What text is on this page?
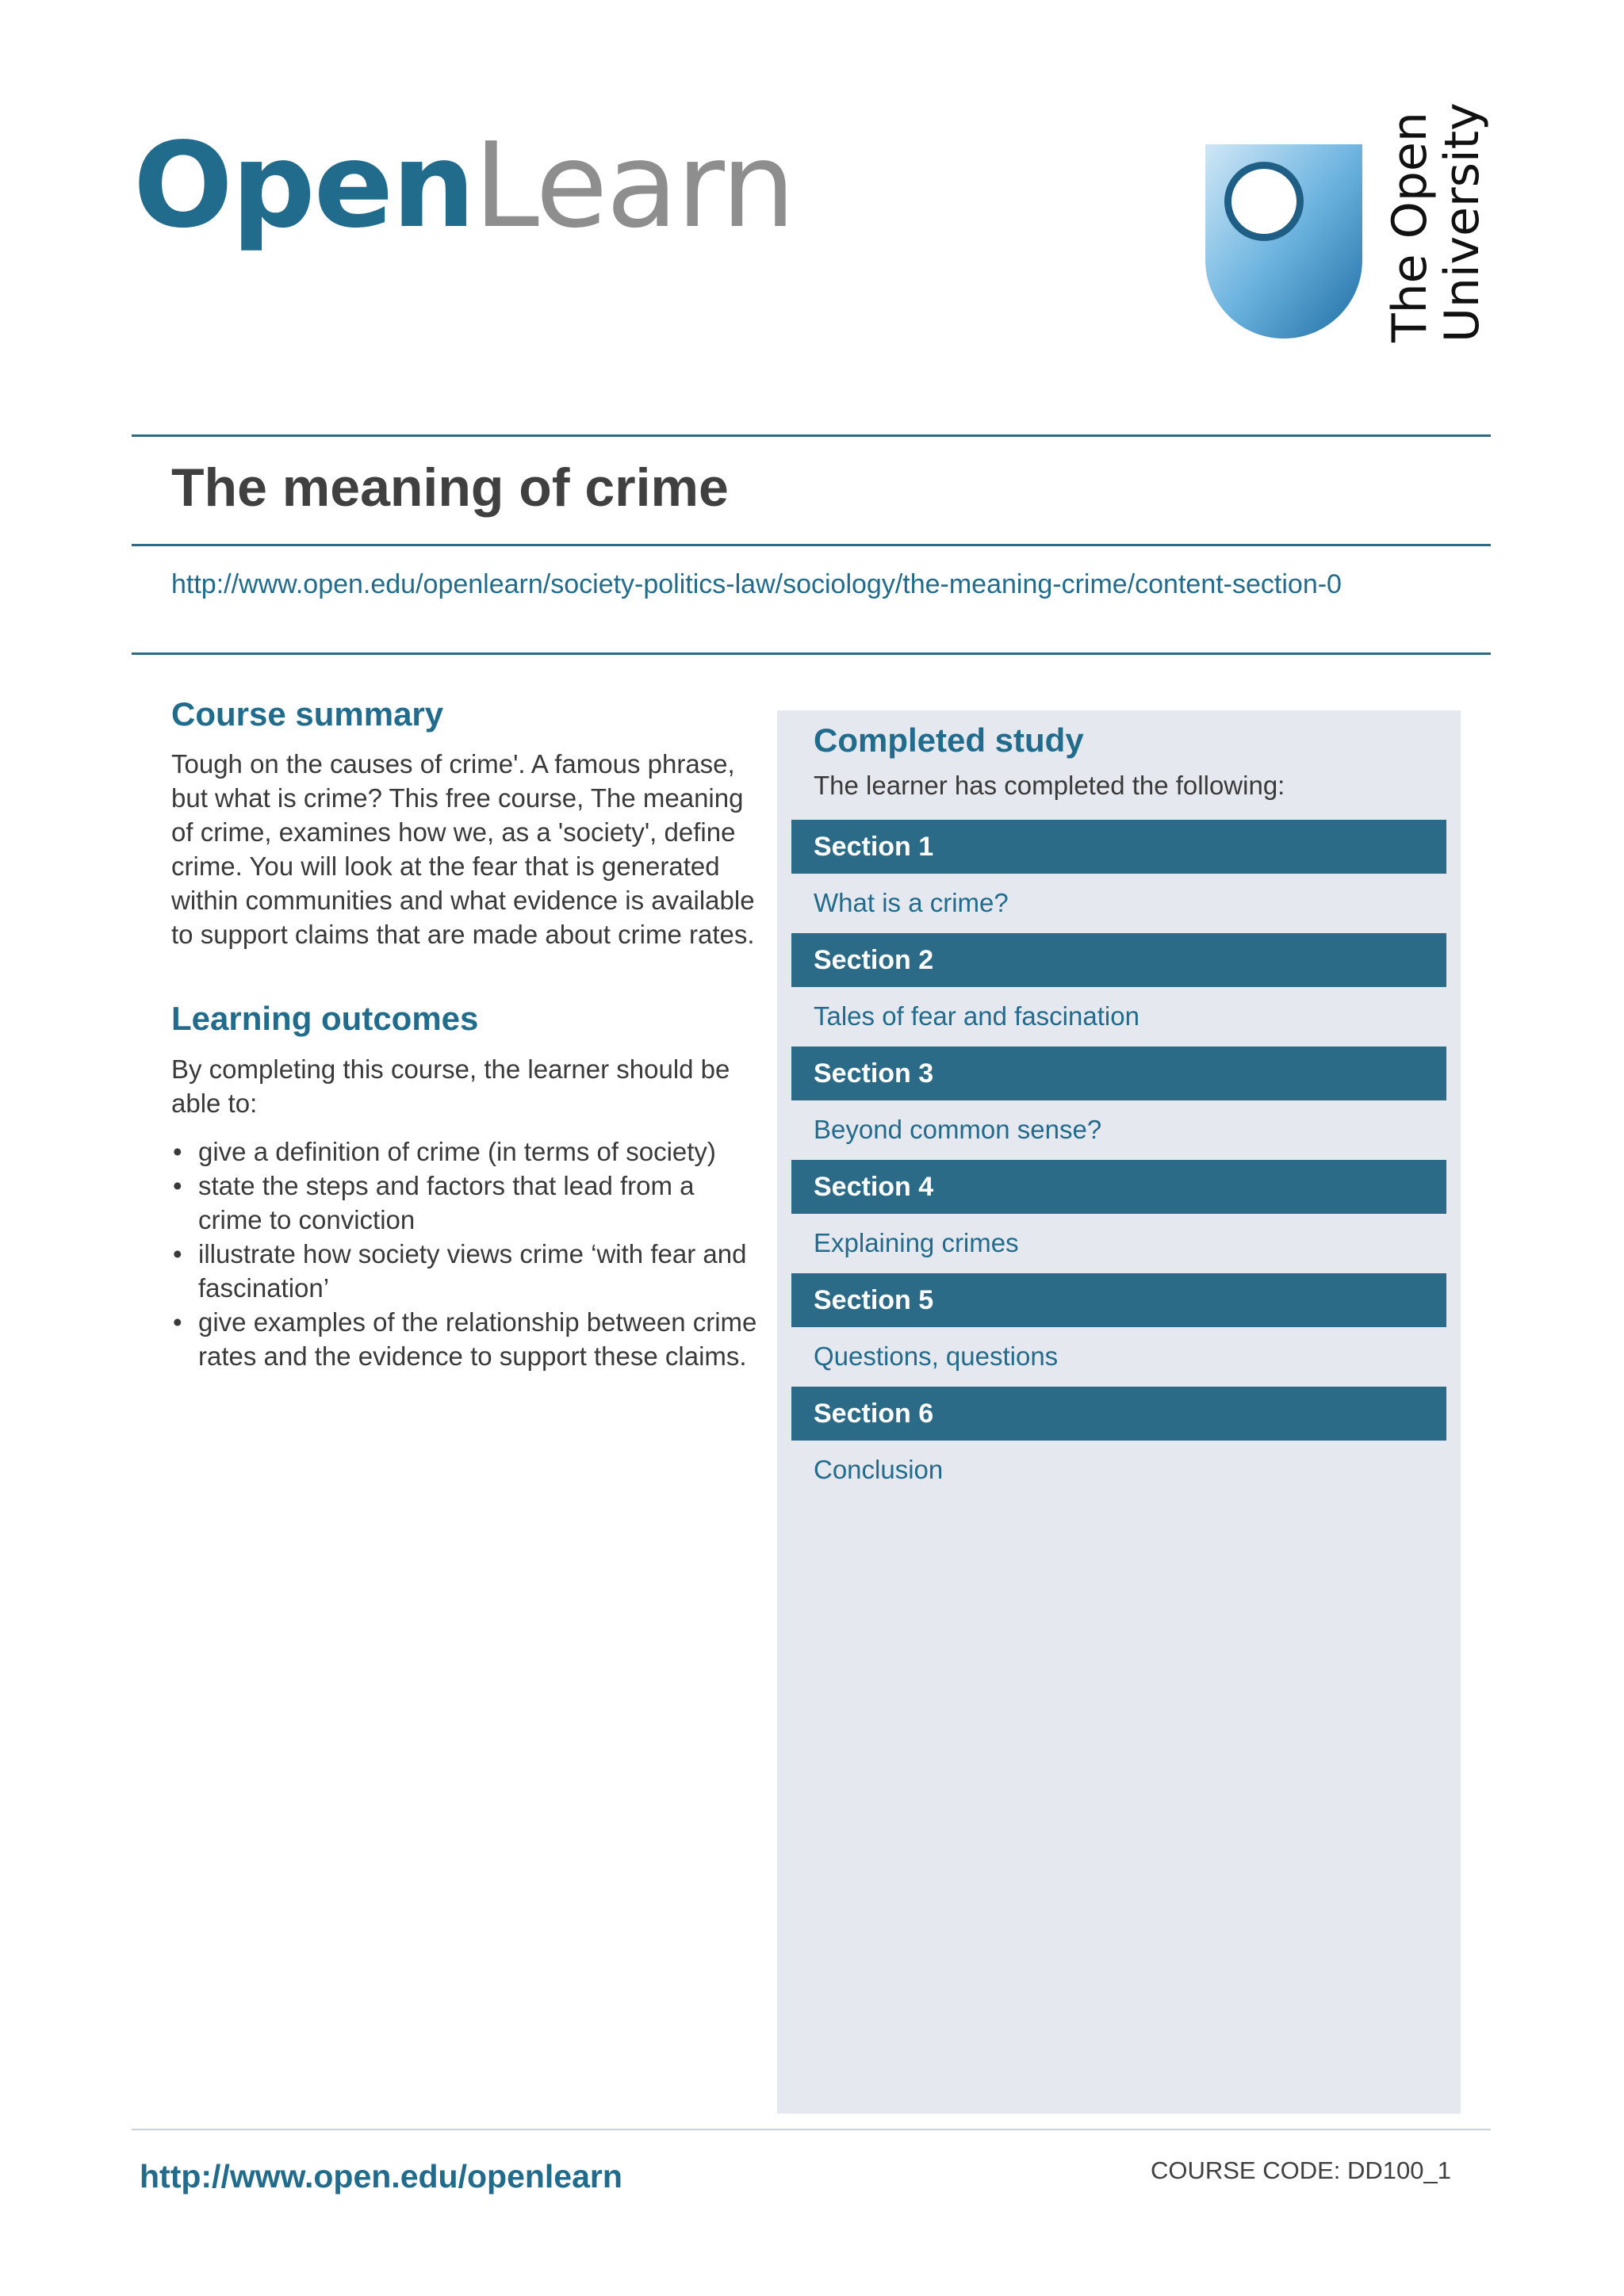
OpenLearn	The Open
University
The meaning of crime
http://www.open.edu/openlearn/society-politics-law/sociology/the-meaning-crime/content-section-0
Course summary

Tough on the causes of crime'. A famous phrase, but what is crime? This free course, The meaning of crime, examines how we, as a 'society', define crime. You will look at the fear that is generated within communities and what evidence is available to support claims that are made about crime rates.

Learning outcomes

By completing this course, the learner should be able to:

• give a definition of crime (in terms of society)
• state the steps and factors that lead from a crime to conviction
• illustrate how society views crime ‘with fear and fascination’
• give examples of the relationship between crime rates and the evidence to support these claims.
Completed study

The learner has completed the following:

Section 1
What is a crime?
Section 2
Tales of fear and fascination
Section 3
Beyond common sense?
Section 4
Explaining crimes
Section 5
Questions, questions
Section 6
Conclusion
http://www.open.edu/openlearn	COURSE CODE: DD100_1
